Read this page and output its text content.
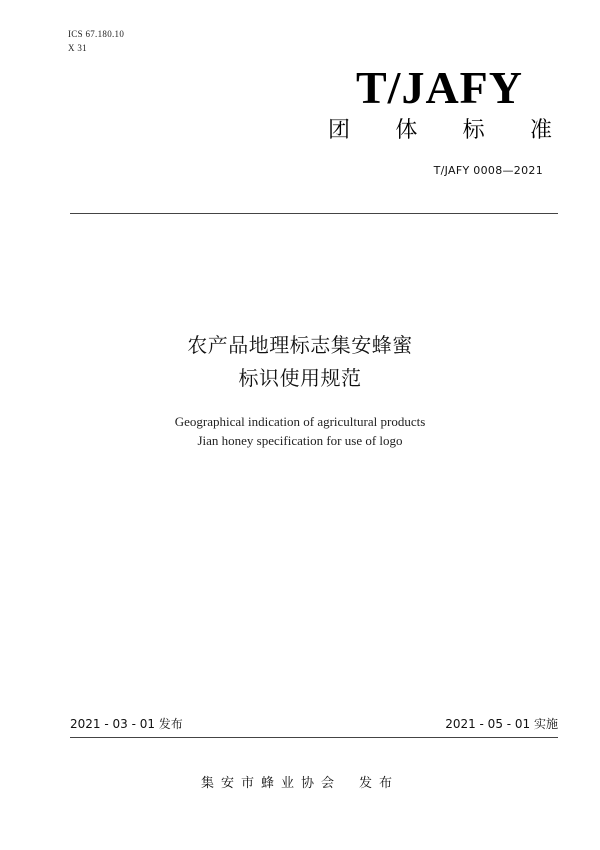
ICS 67.180.10
X 31
T/JAFY
团 体 标 准
T/JAFY 0008—2021
农产品地理标志集安蜂蜜
标识使用规范
Geographical indication of agricultural products
Jian honey specification for use of logo
2021 - 03 - 01 发布	2021 - 05 - 01 实施
集安市蜂业协会 发布
